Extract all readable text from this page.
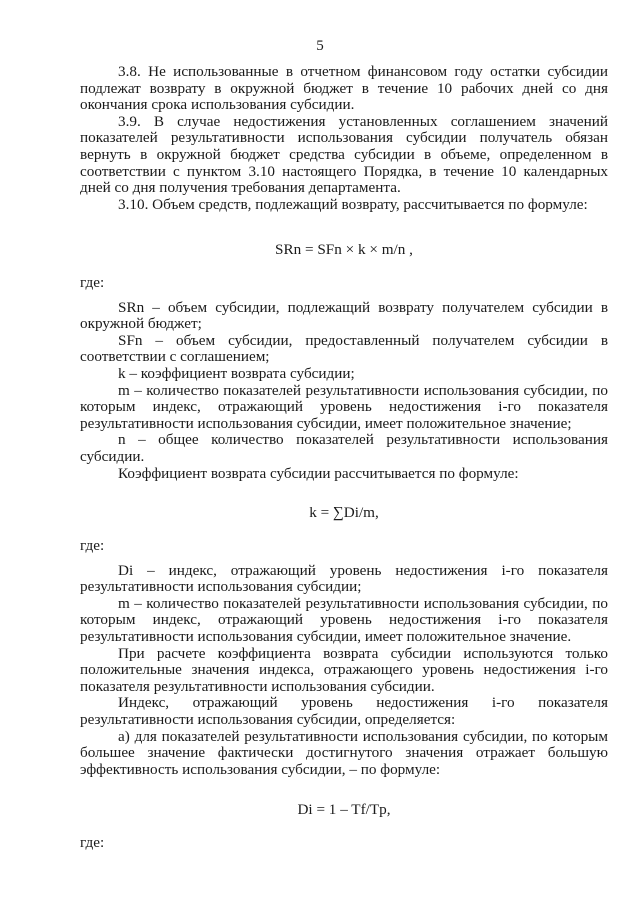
5

3.8. Не использованные в отчетном финансовом году остатки субсидии подлежат возврату в окружной бюджет в течение 10 рабочих дней со дня окончания срока использования субсидии.

3.9. В случае недостижения установленных соглашением значений показателей результативности использования субсидии получатель обязан вернуть в окружной бюджет средства субсидии в объеме, определенном в соответствии с пунктом 3.10 настоящего Порядка, в течение 10 календарных дней со дня получения требования департамента.

3.10. Объем средств, подлежащий возврату, рассчитывается по формуле:

SRn = SFn × k × m/n ,

где:

SRn – объем субсидии, подлежащий возврату получателем субсидии в окружной бюджет;

SFn – объем субсидии, предоставленный получателем субсидии в соответствии с соглашением;

k – коэффициент возврата субсидии;

m – количество показателей результативности использования субсидии, по которым индекс, отражающий уровень недостижения i-го показателя результативности использования субсидии, имеет положительное значение;

n – общее количество показателей результативности использования субсидии.

Коэффициент возврата субсидии рассчитывается по формуле:

k = ∑Di/m,

где:

Di – индекс, отражающий уровень недостижения i-го показателя результативности использования субсидии;

m – количество показателей результативности использования субсидии, по которым индекс, отражающий уровень недостижения i-го показателя результативности использования субсидии, имеет положительное значение.

При расчете коэффициента возврата субсидии используются только положительные значения индекса, отражающего уровень недостижения i-го показателя результативности использования субсидии.

Индекс, отражающий уровень недостижения i-го показателя результативности использования субсидии, определяется:

а) для показателей результативности использования субсидии, по которым большее значение фактически достигнутого значения отражает большую эффективность использования субсидии, – по формуле:

Di = 1 – Tf/Tp,

где:
